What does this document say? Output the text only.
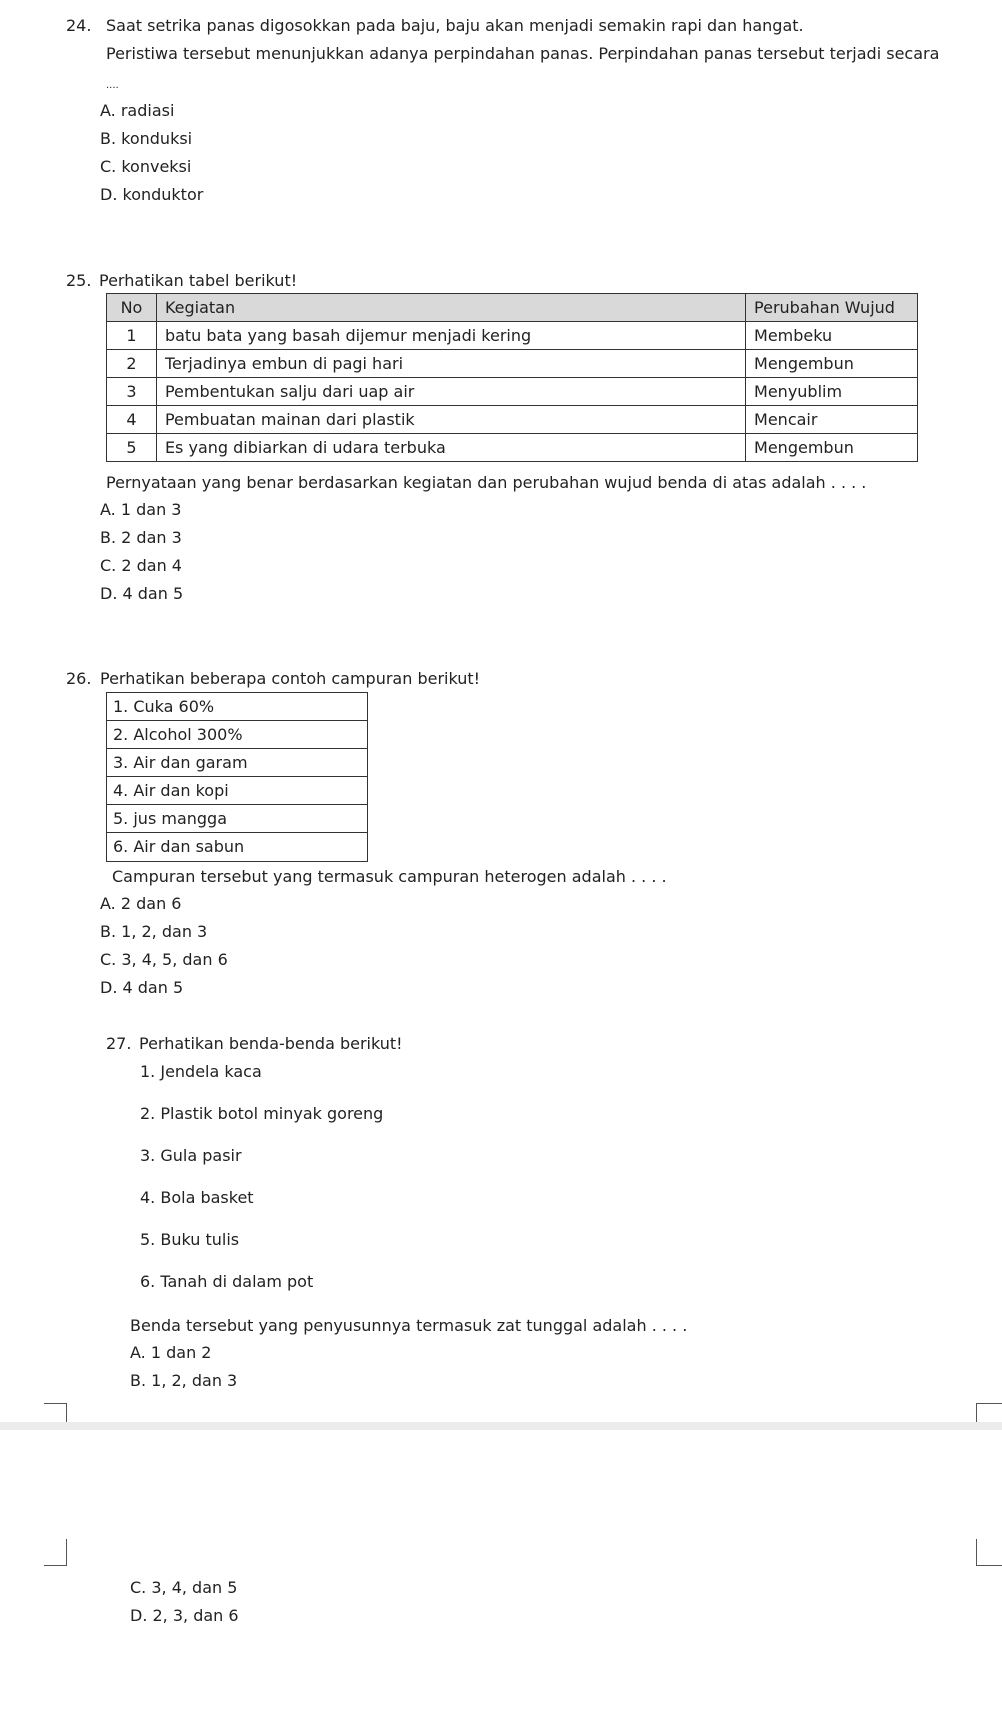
24. Saat setrika panas digosokkan pada baju, baju akan menjadi semakin rapi dan hangat.
Peristiwa tersebut menunjukkan adanya perpindahan panas. Perpindahan panas tersebut terjadi secara
....
A. radiasi
B. konduksi
C. konveksi
D. konduktor
25. Perhatikan tabel berikut!
No	Kegiatan	Perubahan Wujud
1	batu bata yang basah dijemur menjadi kering	Membeku
2	Terjadinya embun di pagi hari	Mengembun
3	Pembentukan salju dari uap air	Menyublim
4	Pembuatan mainan dari plastik	Mencair
5	Es yang dibiarkan di udara terbuka	Mengembun
Pernyataan yang benar berdasarkan kegiatan dan perubahan wujud benda di atas adalah . . . .
A. 1 dan 3
B. 2 dan 3
C. 2 dan 4
D. 4 dan 5
26. Perhatikan beberapa contoh campuran berikut!
1. Cuka 60%
2. Alcohol 300%
3. Air dan garam
4. Air dan kopi
5. jus mangga
6. Air dan sabun
Campuran tersebut yang termasuk campuran heterogen adalah . . . .
A. 2 dan 6
B. 1, 2, dan 3
C. 3, 4, 5, dan 6
D. 4 dan 5
27. Perhatikan benda-benda berikut!
1. Jendela kaca
2. Plastik botol minyak goreng
3. Gula pasir
4. Bola basket
5. Buku tulis
6. Tanah di dalam pot
Benda tersebut yang penyusunnya termasuk zat tunggal adalah . . . .
A. 1 dan 2
B. 1, 2, dan 3
C. 3, 4, dan 5
D. 2, 3, dan 6
